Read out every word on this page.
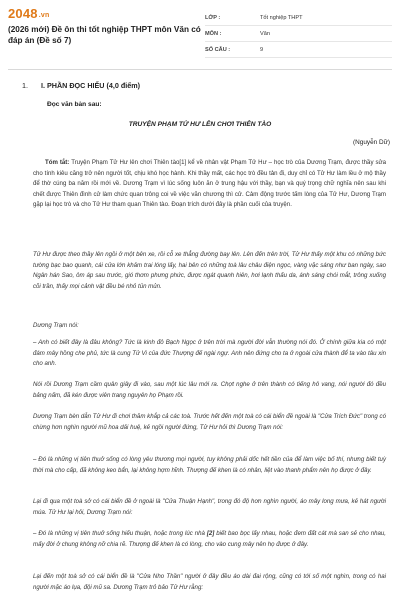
2048.vn
(2026 mới) Đề ôn thi tốt nghiệp THPT môn Văn có đáp án (Đề số 7)
LỚP :	Tốt nghiệp THPT
MÔN :	Văn
SỐ CÂU :	9
1. I. PHẦN ĐỌC HIỂU (4,0 điểm)
Đọc văn bản sau:
TRUYỆN PHẠM TỬ HƯ LÊN CHƠI THIÊN TÀO
(Nguyễn Dữ)
Tóm tắt: Truyện Phạm Tử Hư lên chơi Thiên tào[1] kể về nhân vật Phạm Tử Hư – học trò của Dương Trạm, được thầy sửa cho tính kiêu căng trở nên người tốt, chịu khó học hành. Khi thầy mất, các học trò đều tản đi, duy chỉ có Tử Hư làm lều ở mộ thầy để thờ cúng ba năm rồi mới về. Dương Trạm vì lúc sống luôn ăn ở trung hậu với thầy, bạn và quý trọng chữ nghĩa nên sau khi chết được Thiên đình cử làm chức quan trông coi về việc văn chương thì cử. Cảm động trước tấm lòng của Tử Hư, Dương Trạm gặp lại học trò và cho Tử Hư tham quan Thiên tào. Đoạn trích dưới đây là phần cuối của truyện.
Tử Hư được theo thầy lên ngồi ở một bên xe, rồi cỗ xe thẳng đường bay lên. Lên đến trên trời, Tử Hư thấy một khu có những bức tường bạc bao quanh, cái cửa lớn khảm trai lóng lấy, hai bên có những toà lâu châu điện ngọc, vàng vặc sáng như ban ngày, sao Ngân hán Sao, ôm áp sau trước, gió thơm phưng phức, được ngát quanh hiên, hơi lạnh thấu da, ánh sáng chói mắt, trông xuống cõi trần, thấy mọi cảnh vật đều bé nhỏ tủn mủn.
Dương Trạm nói:
– Anh có biết đây là đâu không? Tức là kinh đô Bạch Ngọc ở trên trời mà người đời vẫn thường nói đó. Ở chính giữa kia có một đám mây hồng che phủ, tức là cung Tử Vi của đức Thượng đế ngài ngự. Anh nên đứng cho ta ở ngoài cửa thành để ta vào tâu xin cho anh.
Nói rồi Dương Trạm cầm quân giây đi vào, sau một lúc lâu mới ra. Chợt nghe ở trên thành có tiếng hô vang, nói người đó đều bảng nấm, đã kén được viên trang nguyên họ Phạm rồi.
Dương Trạm bèn dẫn Tử Hư đi chơi thăm khắp cả các toà. Trước hết đến một toà có cái biển đề ngoài là "Cửa Trích Đức" trong có chừng hơn nghìn người mũ hoa dải huệ, kẻ ngồi người đứng, Tử Hư hỏi thì Dương Trạm nói:
– Đó là những vị tiên thuở sống có lòng yêu thương mọi người, tuy không phải dốc hết tiền của để làm việc bố thí, nhưng biết tuỳ thời mà cho cấp, đã không keo bẩn, lại không hợm hĩnh. Thượng đế khen là có nhân, liệt vào thanh phẩm nên họ được ở đây.
Lại đi qua một toà sở có cái biển đề ở ngoài là "Cửa Thuận Hạnh", trong đó độ hơn nghìn người, áo mây long mưa, kẻ hát người múa. Tử Hư lại hỏi, Dương Trạm nói:
– Đó là những vị tiên thuở sống hiếu thuận, hoặc trong lúc nhà [2] biết bao bọc lấy nhau, hoặc đem đất cát mà san sẻ cho nhau, mấy đời ở chung không nỡ chia rẽ. Thượng đế khen là có lòng, cho vào cung mây nên họ được ở đây.
Lại đến một toà sở có cái biển đề là "Cửa Nho Thần" người ở đây đều áo dài đai rộng, cũng có tới số một nghìn, trong có hai người mặc áo lụa, đội mũ sa. Dương Trạm trỏ bảo Tử Hư rằng:
